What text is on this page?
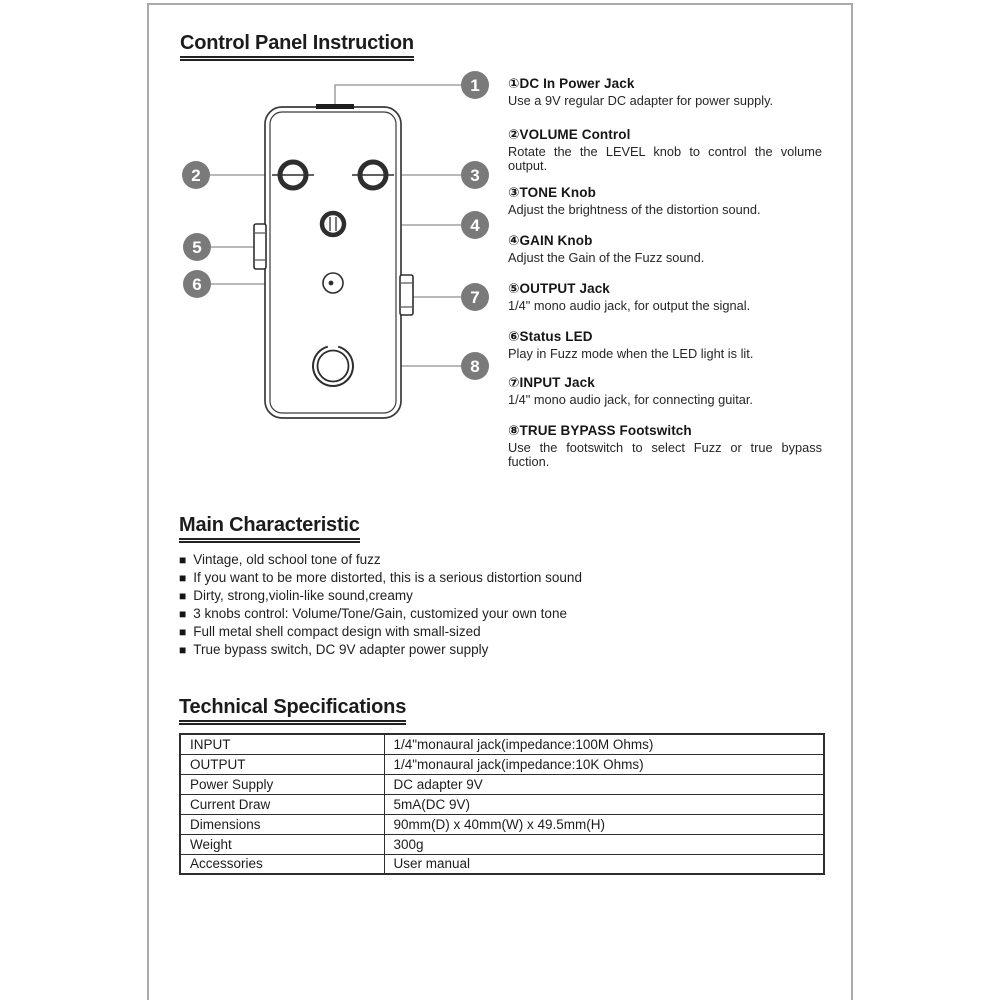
Control Panel Instruction
1
2	3
4
5
6
7
8
①DC In Power Jack

Use a 9V regular DC adapter for power supply.

②VOLUME Control

Rotate the the LEVEL knob to control the volume output.

③TONE Knob

Adjust the brightness of the distortion sound.

④GAIN Knob

Adjust the Gain of the Fuzz sound.

⑤OUTPUT Jack

1/4" mono audio jack, for output the signal.

⑥Status LED

Play in Fuzz mode when the LED light is lit.

⑦INPUT Jack

1/4" mono audio jack, for connecting guitar.

⑧TRUE BYPASS Footswitch

Use the footswitch to select Fuzz or true bypass fuction.

Main Characteristic
■ Vintage, old school tone of fuzz
■ If you want to be more distorted, this is a serious distortion sound
■ Dirty, strong,violin-like sound,creamy
■ 3 knobs control: Volume/Tone/Gain, customized your own tone
■ Full metal shell compact design with small-sized
■ True bypass switch, DC 9V adapter power supply
Technical Specifications
INPUT	1/4"monaural jack(impedance:100M Ohms)
OUTPUT	1/4"monaural jack(impedance:10K Ohms)
Power Supply	DC adapter 9V
Current Draw	5mA(DC 9V)
Dimensions	90mm(D) x 40mm(W) x 49.5mm(H)
Weight	300g
Accessories	User manual
